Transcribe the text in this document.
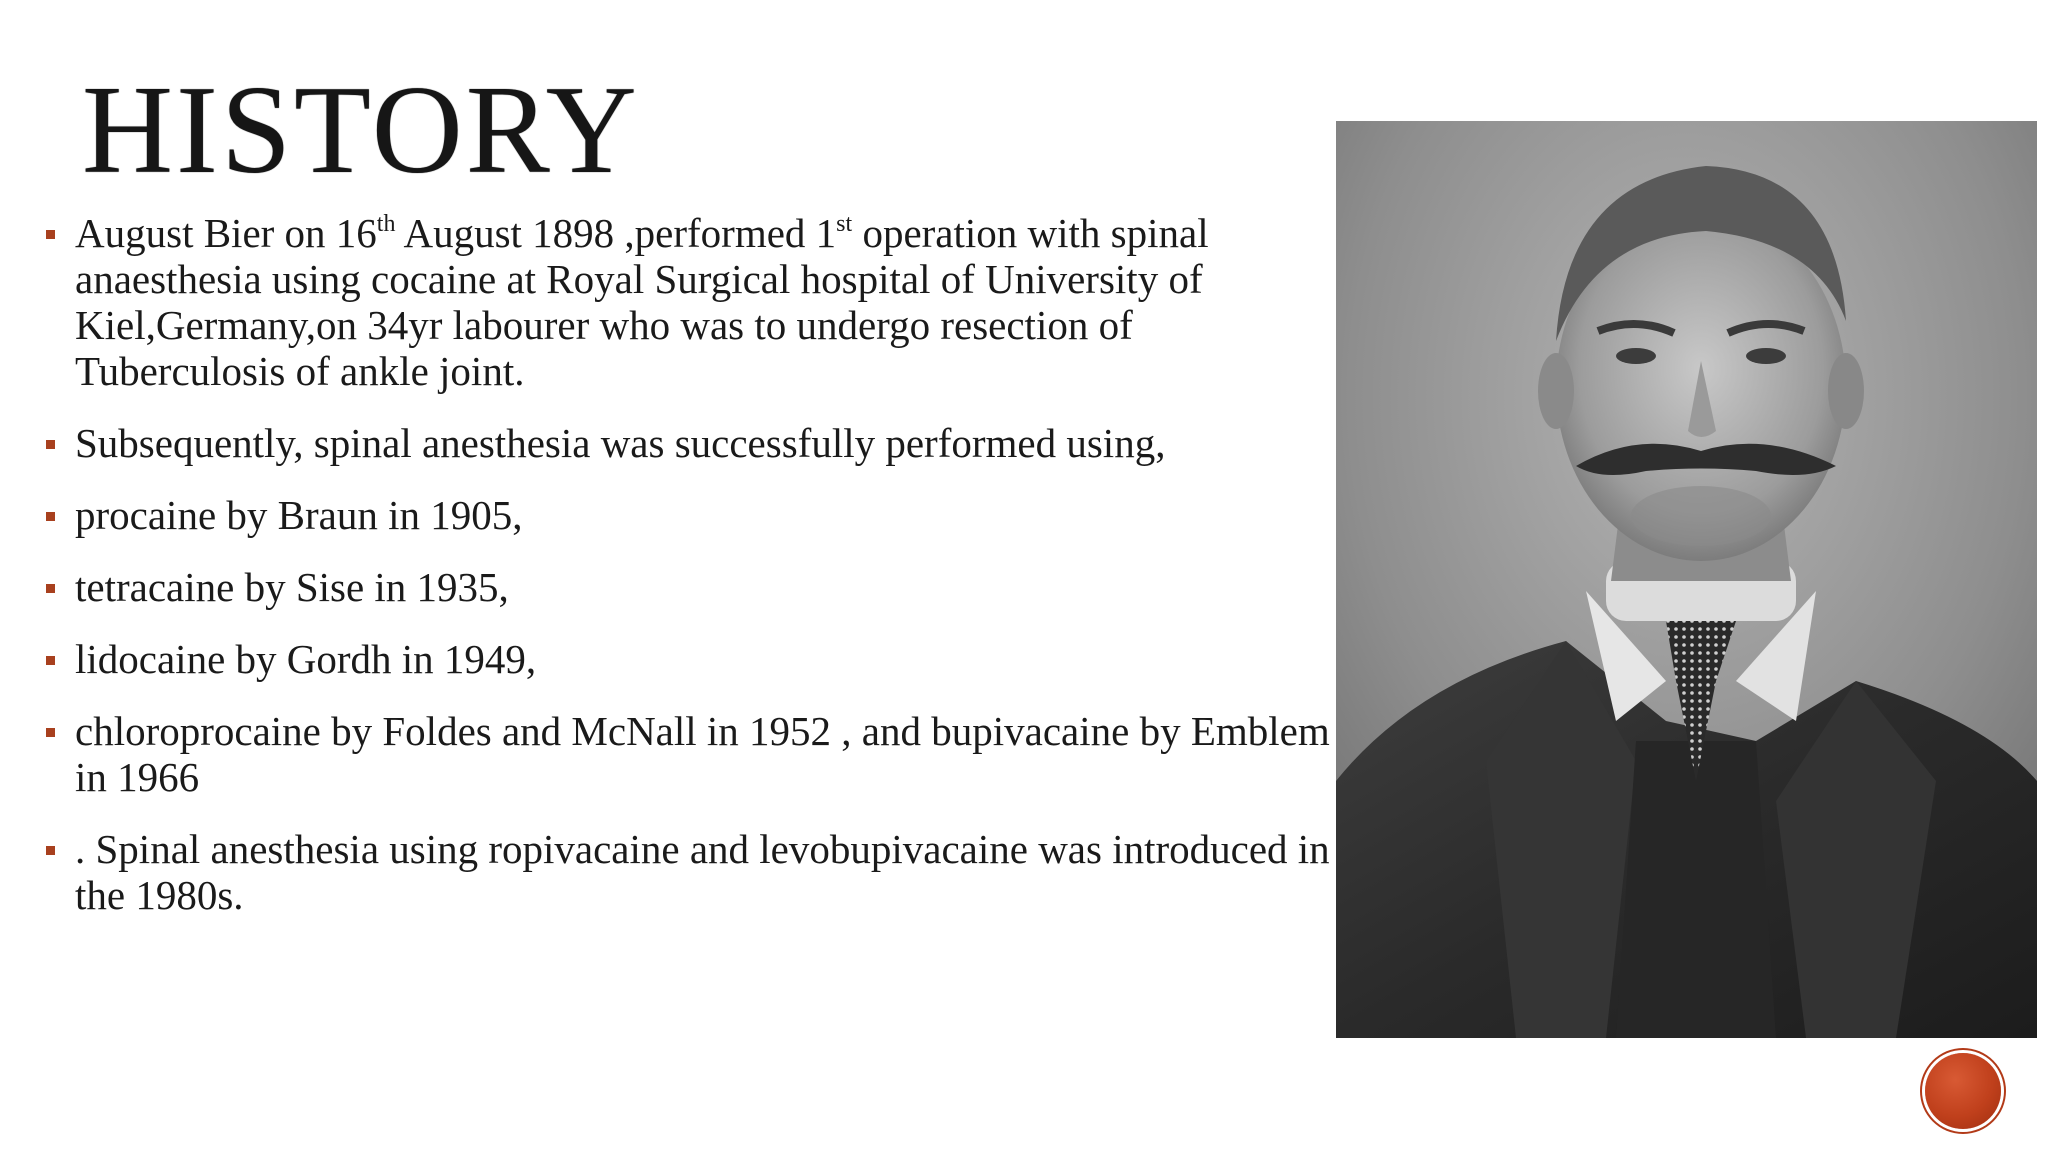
HISTORY
August Bier on 16th August 1898 ,performed 1st operation with spinal anaesthesia using cocaine at Royal Surgical hospital of University of Kiel,Germany,on 34yr labourer who was to undergo resection of Tuberculosis of ankle joint.
Subsequently, spinal anesthesia was successfully performed using,
procaine by Braun in 1905,
tetracaine by Sise in 1935,
lidocaine by Gordh in 1949,
chloroprocaine by Foldes and McNall in 1952 , and bupivacaine by Emblem in 1966
. Spinal anesthesia using ropivacaine and levobupivacaine was introduced in the 1980s.
